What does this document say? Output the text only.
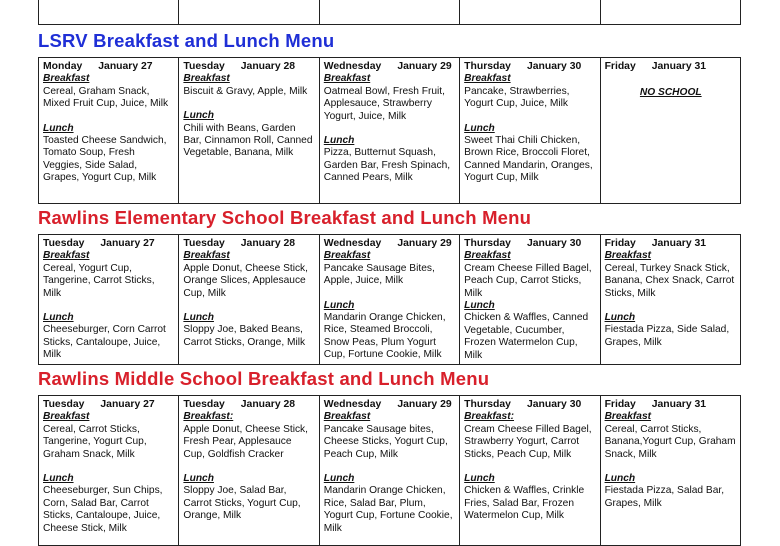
LSRV Breakfast and Lunch Menu
Monday January 27
Breakfast
Cereal, Graham Snack, Mixed Fruit Cup, Juice, Milk
Lunch
Toasted Cheese Sandwich, Tomato Soup, Fresh Veggies, Side Salad, Grapes, Yogurt Cup, Milk

Tuesday January 28
Breakfast
Biscuit & Gravy, Apple, Milk
Lunch
Chili with Beans, Garden Bar, Cinnamon Roll, Canned Vegetable, Banana, Milk

Wednesday January 29
Breakfast
Oatmeal Bowl, Fresh Fruit, Applesauce, Strawberry Yogurt, Juice, Milk
Lunch
Pizza, Butternut Squash, Garden Bar, Fresh Spinach, Canned Pears, Milk

Thursday January 30
Breakfast
Pancake, Strawberries, Yogurt Cup, Juice, Milk
Lunch
Sweet Thai Chili Chicken, Brown Rice, Broccoli Floret, Canned Mandarin, Oranges, Yogurt Cup, Milk

Friday January 31
NO SCHOOL
Rawlins Elementary School Breakfast and Lunch Menu
Tuesday January 27
Breakfast
Cereal, Yogurt Cup, Tangerine, Carrot Sticks, Milk
Lunch
Cheeseburger, Corn Carrot Sticks, Cantaloupe, Juice, Milk

Tuesday January 28
Breakfast
Apple Donut, Cheese Stick, Orange Slices, Applesauce Cup, Milk
Lunch
Sloppy Joe, Baked Beans, Carrot Sticks, Orange, Milk

Wednesday January 29
Breakfast
Pancake Sausage Bites, Apple, Juice, Milk
Lunch
Mandarin Orange Chicken, Rice, Steamed Broccoli, Snow Peas, Plum Yogurt Cup, Fortune Cookie, Milk

Thursday January 30
Breakfast
Cream Cheese Filled Bagel, Peach Cup, Carrot Sticks, Milk
Lunch
Chicken & Waffles, Canned Vegetable, Cucumber, Frozen Watermelon Cup, Milk

Friday January 31
Breakfast
Cereal, Turkey Snack Stick, Banana, Chex Snack, Carrot Sticks, Milk
Lunch
Fiestada Pizza, Side Salad, Grapes, Milk
Rawlins Middle School Breakfast and Lunch Menu
Tuesday January 27
Breakfast
Cereal, Carrot Sticks, Tangerine, Yogurt Cup, Graham Snack, Milk
Lunch
Cheeseburger, Sun Chips, Corn, Salad Bar, Carrot Sticks, Cantaloupe, Juice, Cheese Stick, Milk

Tuesday January 28
Breakfast:
Apple Donut, Cheese Stick, Fresh Pear, Applesauce Cup, Goldfish Cracker
Lunch
Sloppy Joe, Salad Bar, Carrot Sticks, Yogurt Cup, Orange, Milk

Wednesday January 29
Breakfast
Pancake Sausage bites, Cheese Sticks, Yogurt Cup, Peach Cup, Milk
Lunch
Mandarin Orange Chicken, Rice, Salad Bar, Plum, Yogurt Cup, Fortune Cookie, Milk

Thursday January 30
Breakfast:
Cream Cheese Filled Bagel, Strawberry Yogurt, Carrot Sticks, Peach Cup, Milk
Lunch
Chicken & Waffles, Crinkle Fries, Salad Bar, Frozen Watermelon Cup, Milk

Friday January 31
Breakfast
Cereal, Carrot Sticks, Banana,Yogurt Cup, Graham Snack, Milk
Lunch
Fiestada Pizza, Salad Bar, Grapes, Milk
